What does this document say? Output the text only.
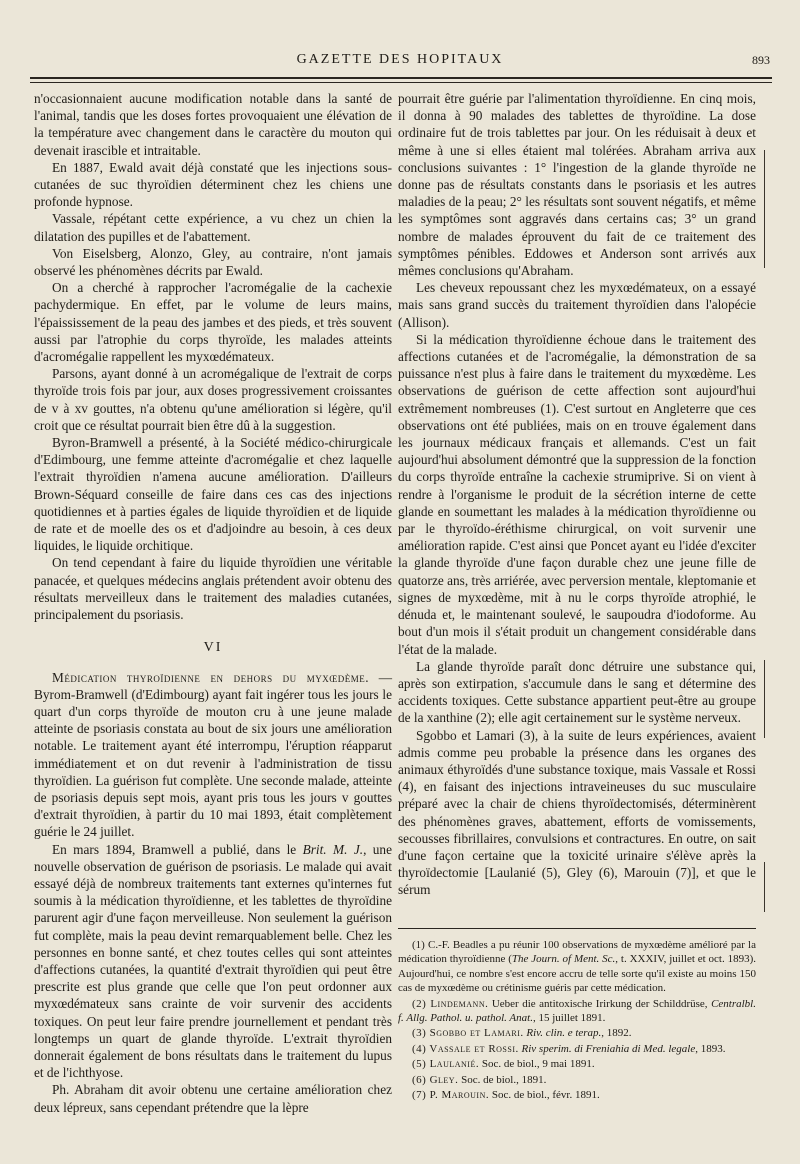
GAZETTE DES HOPITAUX	893

n'occasionnaient aucune modification notable dans la santé de l'animal, tandis que les doses fortes provoquaient une élévation de la température avec changement dans le caractère du mouton qui devenait irascible et intraitable.

En 1887, Ewald avait déjà constaté que les injections sous-cutanées de suc thyroïdien déterminent chez les chiens une profonde hypnose.

Vassale, répétant cette expérience, a vu chez un chien la dilatation des pupilles et de l'abattement.

Von Eiselsberg, Alonzo, Gley, au contraire, n'ont jamais observé les phénomènes décrits par Ewald.

On a cherché à rapprocher l'acromégalie de la cachexie pachydermique. En effet, par le volume de leurs mains, l'épaississement de la peau des jambes et des pieds, et très souvent aussi par l'atrophie du corps thyroïde, les malades atteints d'acromégalie rappellent les myxœdémateux.

Parsons, ayant donné à un acromégalique de l'extrait de corps thyroïde trois fois par jour, aux doses progressivement croissantes de v à xv gouttes, n'a obtenu qu'une amélioration si légère, qu'il croit que ce résultat pourrait bien être dû à la suggestion.

Byron-Bramwell a présenté, à la Société médico-chirurgicale d'Edimbourg, une femme atteinte d'acromégalie et chez laquelle l'extrait thyroïdien n'amena aucune amélioration. D'ailleurs Brown-Séquard conseille de faire dans ces cas des injections quotidiennes et à parties égales de liquide thyroïdien et de liquide de rate et de moelle des os et d'adjoindre au besoin, à ces deux liquides, le liquide orchitique.

On tend cependant à faire du liquide thyroïdien une véritable panacée, et quelques médecins anglais prétendent avoir obtenu des résultats merveilleux dans le traitement des maladies cutanées, principalement du psoriasis.

VI

Médication thyroïdienne en dehors du myxœdème. — Byrom-Bramwell (d'Edimbourg) ayant fait ingérer tous les jours le quart d'un corps thyroïde de mouton cru à une jeune malade atteinte de psoriasis constata au bout de six jours une amélioration notable. Le traitement ayant été interrompu, l'éruption réapparut immédiatement et on dut revenir à l'administration de tissu thyroïdien. La guérison fut complète. Une seconde malade, atteinte de psoriasis depuis sept mois, ayant pris tous les jours v gouttes d'extrait thyroïdien, à partir du 10 mai 1893, était complètement guérie le 24 juillet.

En mars 1894, Bramwell a publié, dans le Brit. M. J., une nouvelle observation de guérison de psoriasis. Le malade qui avait essayé déjà de nombreux traitements tant externes qu'internes fut soumis à la médication thyroïdienne, et les tablettes de thyroïdine parurent agir d'une façon merveilleuse. Non seulement la guérison fut complète, mais la peau devint remarquablement belle. Chez les personnes en bonne santé, et chez toutes celles qui sont atteintes d'affections cutanées, la quantité d'extrait thyroïdien qui peut être prescrite est plus grande que celle que l'on peut ordonner aux myxœdémateux sans crainte de voir survenir des accidents toxiques. On peut leur faire prendre journellement et pendant très longtemps un quart de glande thyroïde. L'extrait thyroïdien donnerait également de bons résultats dans le traitement du lupus et de l'ichthyose.

Ph. Abraham dit avoir obtenu une certaine amélioration chez deux lépreux, sans cependant prétendre que la lèpre

pourrait être guérie par l'alimentation thyroïdienne. En cinq mois, il donna à 90 malades des tablettes de thyroïdine. La dose ordinaire fut de trois tablettes par jour. On les réduisait à deux et même à une si elles étaient mal tolérées. Abraham arriva aux conclusions suivantes : 1° l'ingestion de la glande thyroïde ne donne pas de résultats constants dans le psoriasis et les autres maladies de la peau; 2° les résultats sont souvent négatifs, et même les symptômes sont aggravés dans certains cas; 3° un grand nombre de malades éprouvent du fait de ce traitement des symptômes pénibles. Eddowes et Anderson sont arrivés aux mêmes conclusions qu'Abraham.

Les cheveux repoussant chez les myxœdémateux, on a essayé mais sans grand succès du traitement thyroïdien dans l'alopécie (Allison).

Si la médication thyroïdienne échoue dans le traitement des affections cutanées et de l'acromégalie, la démonstration de sa puissance n'est plus à faire dans le traitement du myxœdème. Les observations de guérison de cette affection sont aujourd'hui extrêmement nombreuses (1). C'est surtout en Angleterre que ces observations ont été publiées, mais on en trouve également dans les journaux médicaux français et allemands. C'est un fait aujourd'hui absolument démontré que la suppression de la fonction du corps thyroïde entraîne la cachexie strumiprive. Si on vient à rendre à l'organisme le produit de la sécrétion interne de cette glande en soumettant les malades à la médication thyroïdienne ou par le thyroïdo-éréthisme chirurgical, on voit survenir une amélioration rapide. C'est ainsi que Poncet ayant eu l'idée d'exciter la glande thyroïde d'une façon durable chez une jeune fille de quatorze ans, très arriérée, avec perversion mentale, kleptomanie et signes de myxœdème, mit à nu le corps thyroïde atrophié, le dénuda et, le maintenant soulevé, le saupoudra d'iodoforme. Au bout d'un mois il s'était produit un changement considérable dans l'état de la malade.

La glande thyroïde paraît donc détruire une substance qui, après son extirpation, s'accumule dans le sang et détermine des accidents toxiques. Cette substance appartient peut-être au groupe de la xanthine (2); elle agit certainement sur le système nerveux.

Sgobbo et Lamari (3), à la suite de leurs expériences, avaient admis comme peu probable la présence dans les organes des animaux éthyroïdés d'une substance toxique, mais Vassale et Rossi (4), en faisant des injections intraveineuses du suc musculaire préparé avec la chair de chiens thyroïdectomisés, déterminèrent des phénomènes graves, abattement, efforts de vomissements, secousses fibrillaires, convulsions et contractures. En outre, on sait d'une façon certaine que la toxicité urinaire s'élève après la thyroïdectomie [Laulanié (5), Gley (6), Marouin (7)], et que le sérum

(1) C.-F. Beadles a pu réunir 100 observations de myxœdème amélioré par la médication thyroïdienne (The Journ. of Ment. Sc., t. XXXIV, juillet et oct. 1893). Aujourd'hui, ce nombre s'est encore accru de telle sorte qu'il existe au moins 150 cas de myxœdème ou crétinisme guéris par cette médication.

(2) Lindemann. Ueber die antitoxische Irirkung der Schilddrüse, Centralbl. f. Allg. Pathol. u. pathol. Anat., 15 juillet 1891.

(3) Sgobbo et Lamari. Riv. clin. e terap., 1892.

(4) Vassale et Rossi. Riv sperim. di Freniahia di Med. legale, 1893.

(5) Laulanié. Soc. de biol., 9 mai 1891.

(6) Gley. Soc. de biol., 1891.

(7) P. Marouin. Soc. de biol., févr. 1891.
